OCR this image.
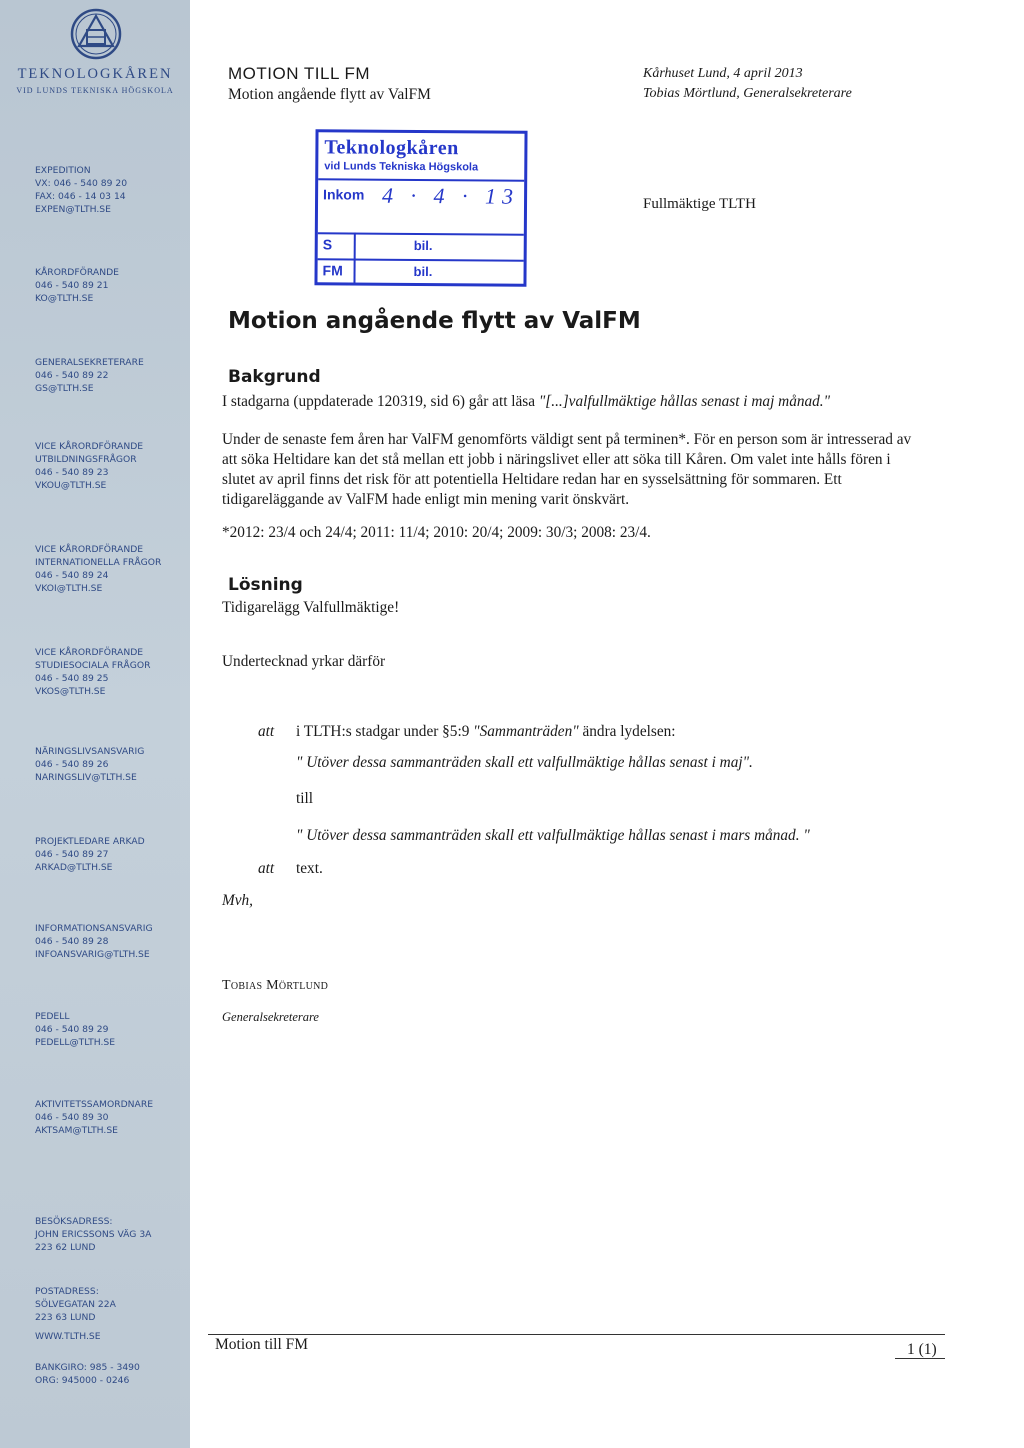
TEKNOLOGKÅREN
VID LUNDS TEKNISKA HÖGSKOLA
EXPEDITION
VX: 046 - 540 89 20
FAX: 046 - 14 03 14
EXPEN@TLTH.SE
KÅRORDFÖRANDE
046 - 540 89 21
KO@TLTH.SE
GENERALSEKRETERARE
046 - 540 89 22
GS@TLTH.SE
VICE KÅRORDFÖRANDE
UTBILDNINGSFRÅGOR
046 - 540 89 23
VKOU@TLTH.SE
VICE KÅRORDFÖRANDE
INTERNATIONELLA FRÅGOR
046 - 540 89 24
VKOI@TLTH.SE
VICE KÅRORDFÖRANDE
STUDIESOCIALA FRÅGOR
046 - 540 89 25
VKOS@TLTH.SE
NÄRINGSLIVSANSVARIG
046 - 540 89 26
NARINGSLIV@TLTH.SE
PROJEKTLEDARE ARKAD
046 - 540 89 27
ARKAD@TLTH.SE
INFORMATIONSANSVARIG
046 - 540 89 28
INFOANSVARIG@TLTH.SE
PEDELL
046 - 540 89 29
PEDELL@TLTH.SE
AKTIVITETSSAMORDNARE
046 - 540 89 30
AKTSAM@TLTH.SE
BESÖKSADRESS:
JOHN ERICSSONS VÄG 3A
223 62 LUND
POSTADRESS:
SÖLVEGATAN 22A
223 63 LUND
WWW.TLTH.SE
BANKGIRO: 985 - 3490
ORG: 945000 - 0246
MOTION TILL FM
Motion angående flytt av ValFM
Kårhuset Lund, 4 april 2013
Tobias Mörtlund, Generalsekreterare
Fullmäktige TLTH
Teknologkåren
vid Lunds Tekniska Högskola
Inkom 4 · 4 · 13
S	bil.
FM	bil.
Motion angående flytt av ValFM
Bakgrund
I stadgarna (uppdaterade 120319, sid 6) går att läsa "[...]valfullmäktige hållas senast i maj månad."
Under de senaste fem åren har ValFM genomförts väldigt sent på terminen*. För en person som är intresserad av att söka Heltidare kan det stå mellan ett jobb i näringslivet eller att söka till Kåren. Om valet inte hålls fören i slutet av april finns det risk för att potentiella Heltidare redan har en sysselsättning för sommaren. Ett tidigareläggande av ValFM hade enligt min mening varit önskvärt.
*2012: 23/4 och 24/4; 2011: 11/4; 2010: 20/4; 2009: 30/3; 2008: 23/4.
Lösning
Tidigarelägg Valfullmäktige!
Undertecknad yrkar därför
att i TLTH:s stadgar under §5:9 "Sammanträden" ändra lydelsen:
" Utöver dessa sammanträden skall ett valfullmäktige hållas senast i maj".
till
" Utöver dessa sammanträden skall ett valfullmäktige hållas senast i mars månad. "
att text.
Mvh,
Tobias Mörtlund
Generalsekreterare
Motion till FM	1 (1)
